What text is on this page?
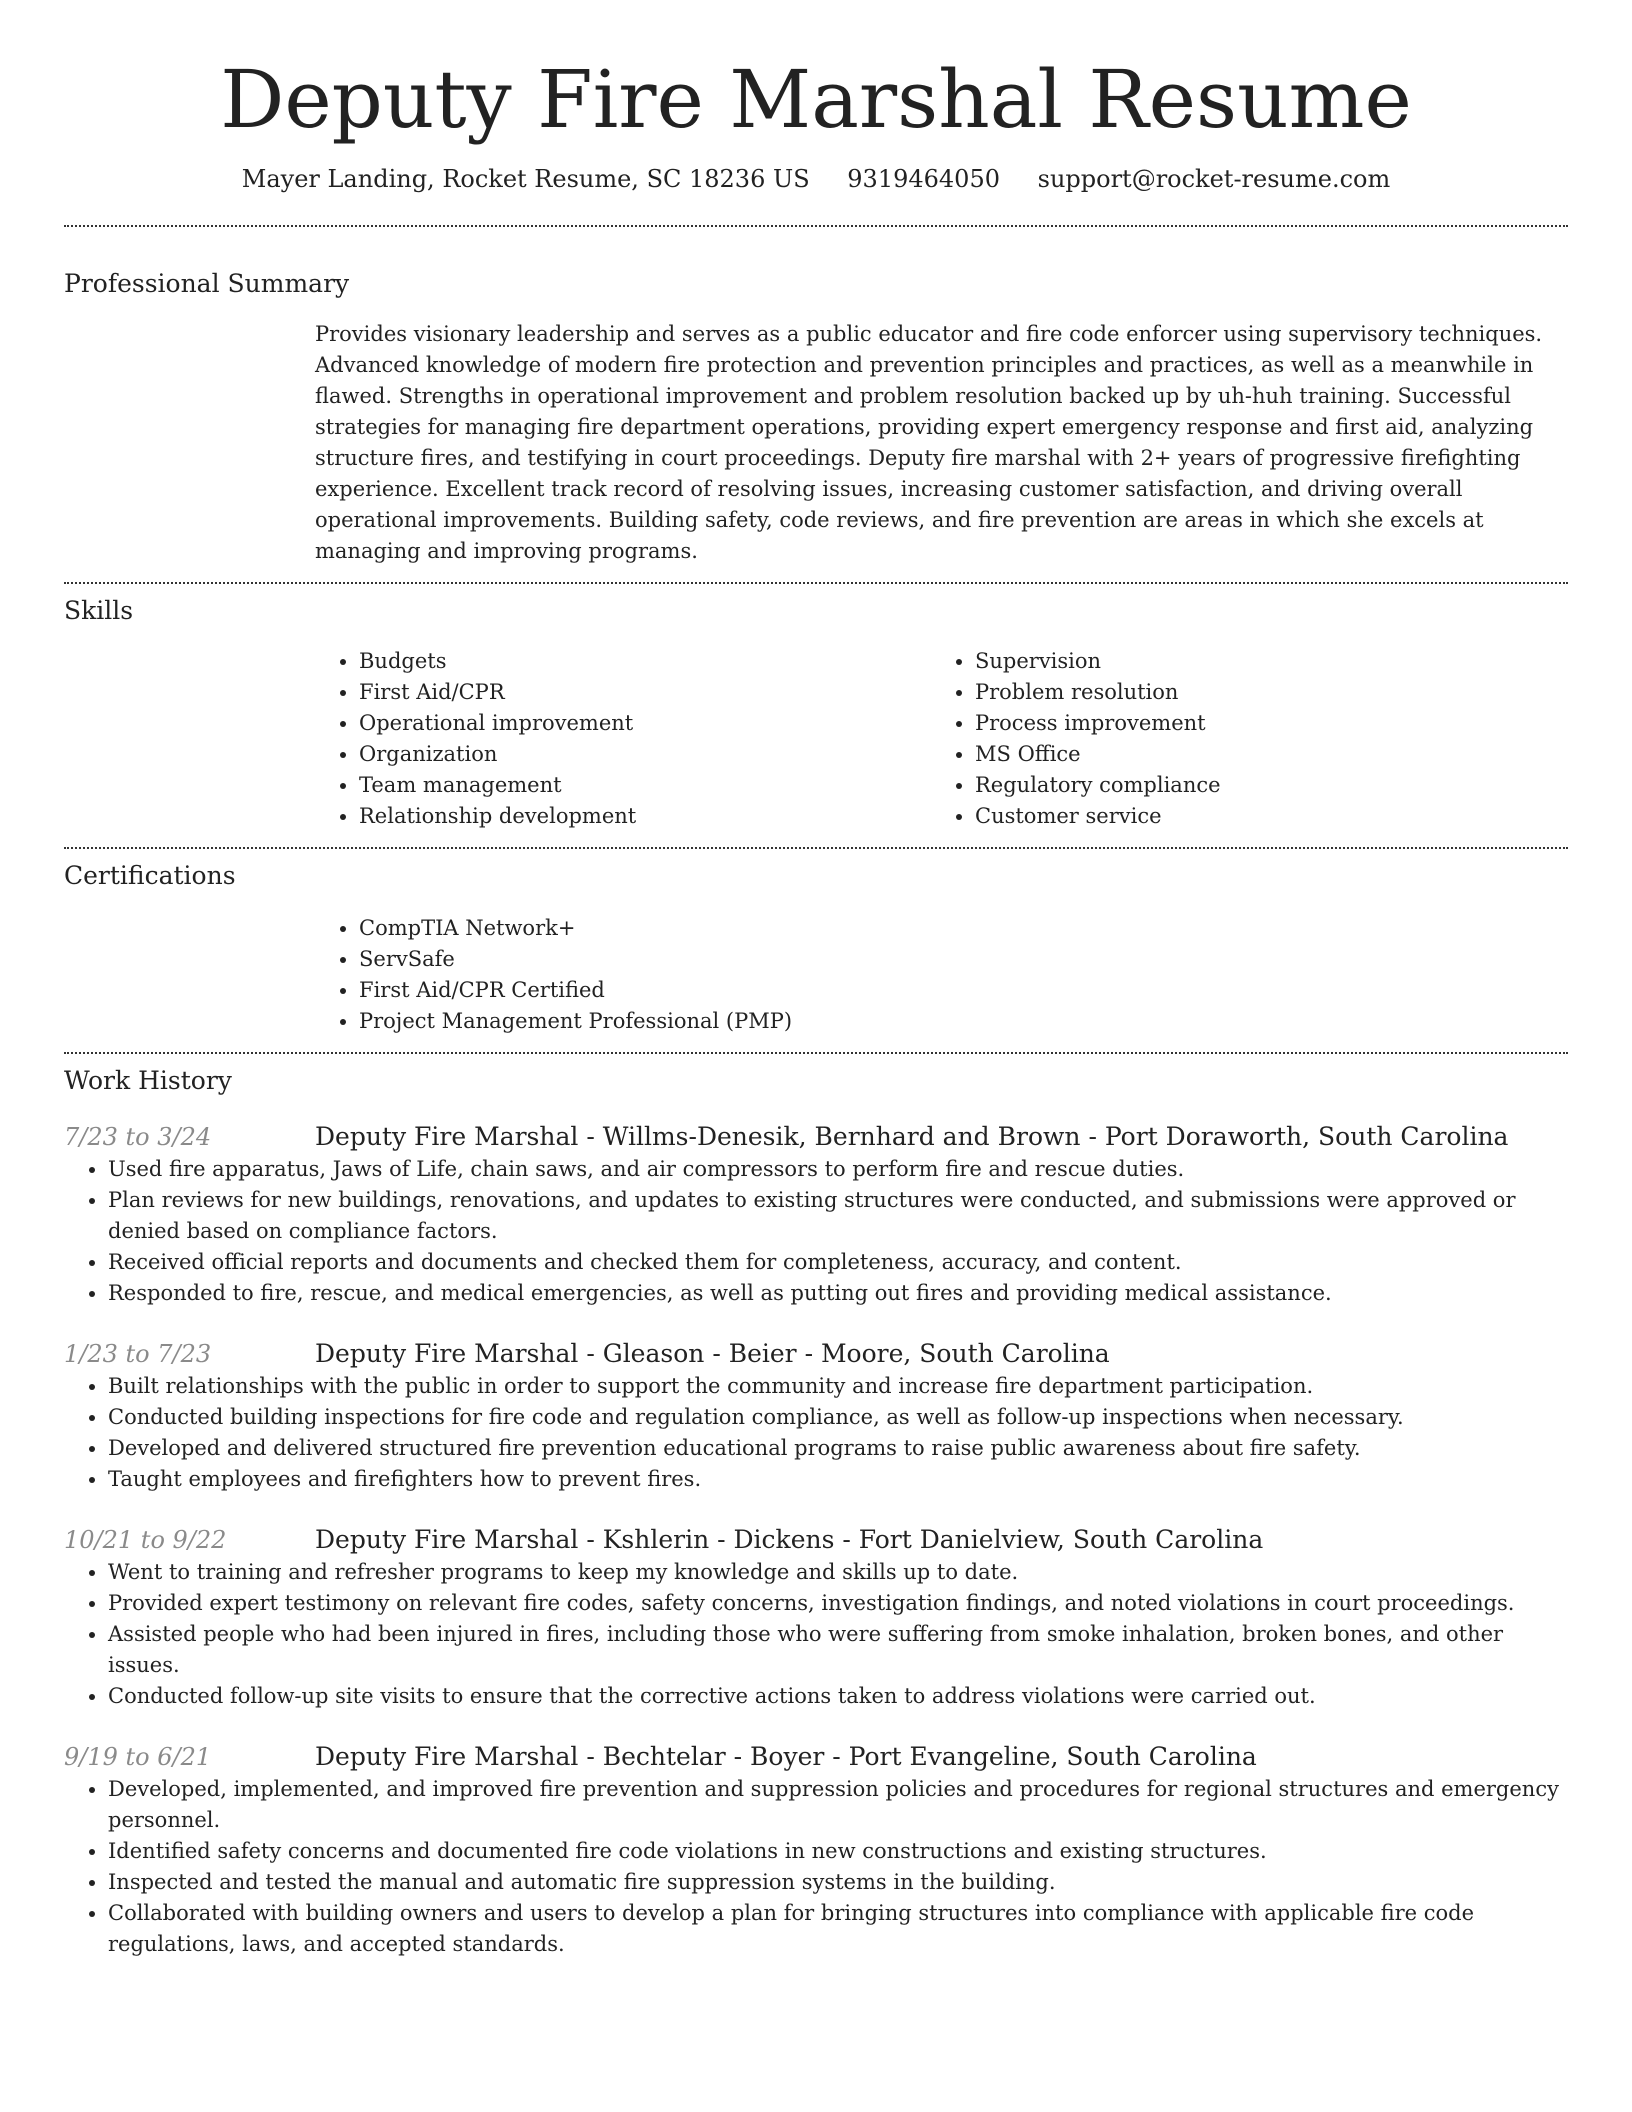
Deputy Fire Marshal Resume
Mayer Landing, Rocket Resume, SC 18236 US 9319464050 support@rocket-resume.com
Professional Summary

Provides visionary leadership and serves as a public educator and fire code enforcer using supervisory techniques. Advanced knowledge of modern fire protection and prevention principles and practices, as well as a meanwhile in flawed. Strengths in operational improvement and problem resolution backed up by uh-huh training. Successful strategies for managing fire department operations, providing expert emergency response and first aid, analyzing structure fires, and testifying in court proceedings. Deputy fire marshal with 2+ years of progressive firefighting experience. Excellent track record of resolving issues, increasing customer satisfaction, and driving overall operational improvements. Building safety, code reviews, and fire prevention are areas in which she excels at managing and improving programs.

Skills
• Budgets
• First Aid/CPR
• Operational improvement
• Organization
• Team management
• Relationship development
• Supervision
• Problem resolution
• Process improvement
• MS Office
• Regulatory compliance
• Customer service
Certifications
• CompTIA Network+
• ServSafe
• First Aid/CPR Certified
• Project Management Professional (PMP)
Work History
7/23 to 3/24	Deputy Fire Marshal - Willms-Denesik, Bernhard and Brown - Port Doraworth, South Carolina
• Used fire apparatus, Jaws of Life, chain saws, and air compressors to perform fire and rescue duties.
• Plan reviews for new buildings, renovations, and updates to existing structures were conducted, and submissions were approved or denied based on compliance factors.
• Received official reports and documents and checked them for completeness, accuracy, and content.
• Responded to fire, rescue, and medical emergencies, as well as putting out fires and providing medical assistance.
1/23 to 7/23	Deputy Fire Marshal - Gleason - Beier - Moore, South Carolina
• Built relationships with the public in order to support the community and increase fire department participation.
• Conducted building inspections for fire code and regulation compliance, as well as follow-up inspections when necessary.
• Developed and delivered structured fire prevention educational programs to raise public awareness about fire safety.
• Taught employees and firefighters how to prevent fires.
10/21 to 9/22	Deputy Fire Marshal - Kshlerin - Dickens - Fort Danielview, South Carolina
• Went to training and refresher programs to keep my knowledge and skills up to date.
• Provided expert testimony on relevant fire codes, safety concerns, investigation findings, and noted violations in court proceedings.
• Assisted people who had been injured in fires, including those who were suffering from smoke inhalation, broken bones, and other issues.
• Conducted follow-up site visits to ensure that the corrective actions taken to address violations were carried out.
9/19 to 6/21	Deputy Fire Marshal - Bechtelar - Boyer - Port Evangeline, South Carolina
• Developed, implemented, and improved fire prevention and suppression policies and procedures for regional structures and emergency personnel.
• Identified safety concerns and documented fire code violations in new constructions and existing structures.
• Inspected and tested the manual and automatic fire suppression systems in the building.
• Collaborated with building owners and users to develop a plan for bringing structures into compliance with applicable fire code regulations, laws, and accepted standards.
